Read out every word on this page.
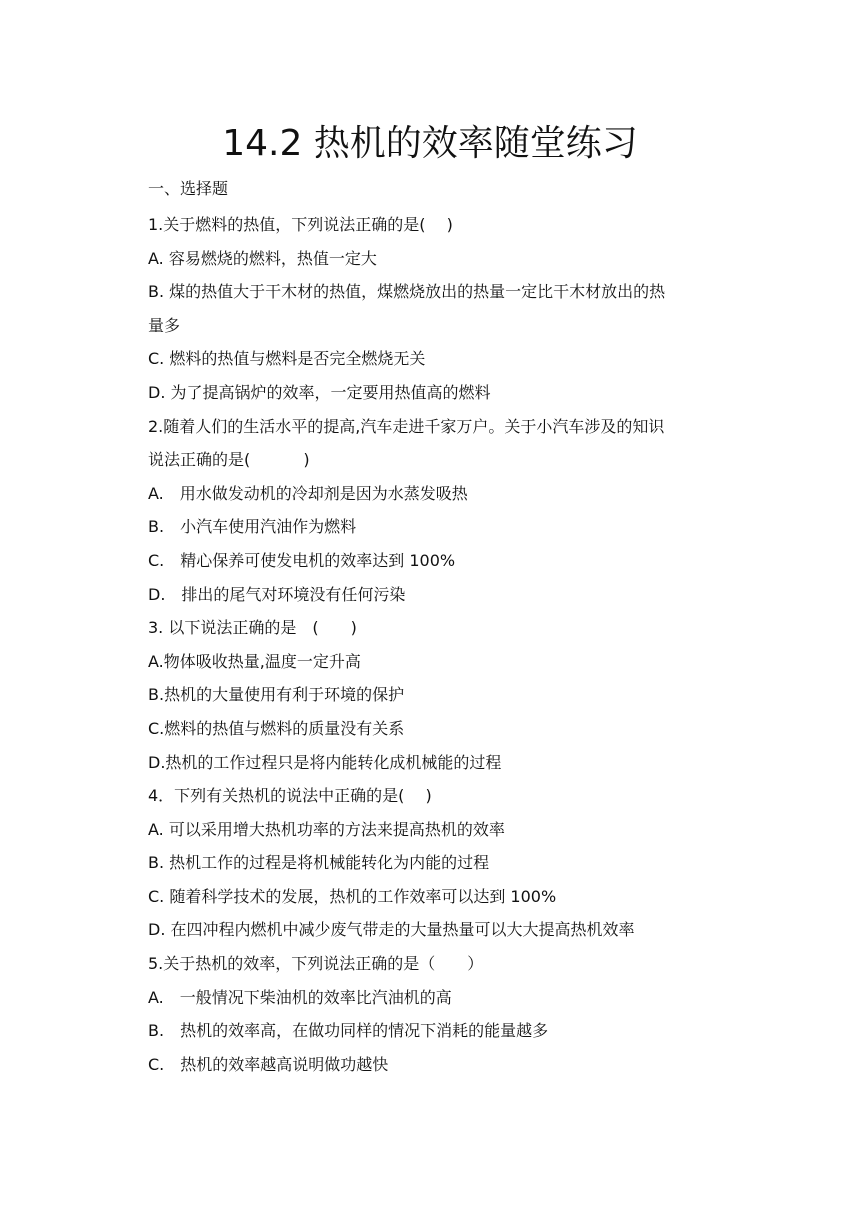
14.2 热机的效率随堂练习
一、选择题
1.关于燃料的热值，下列说法正确的是(　 )
A. 容易燃烧的燃料，热值一定大
B. 煤的热值大于干木材的热值，煤燃烧放出的热量一定比干木材放出的热
量多
C. 燃料的热值与燃料是否完全燃烧无关
D. 为了提高锅炉的效率，一定要用热值高的燃料
2.随着人们的生活水平的提高,汽车走进千家万户。关于小汽车涉及的知识
说法正确的是(　　　 )
A.　用水做发动机的冷却剂是因为水蒸发吸热
B.　小汽车使用汽油作为燃料
C.　精心保养可使发电机的效率达到 100%
D.　排出的尾气对环境没有任何污染
3. 以下说法正确的是　(　　)
A.物体吸收热量,温度一定升高
B.热机的大量使用有利于环境的保护
C.燃料的热值与燃料的质量没有关系
D.热机的工作过程只是将内能转化成机械能的过程
4．下列有关热机的说法中正确的是(　 )
A. 可以采用增大热机功率的方法来提高热机的效率
B. 热机工作的过程是将机械能转化为内能的过程
C. 随着科学技术的发展，热机的工作效率可以达到 100%
D. 在四冲程内燃机中减少废气带走的大量热量可以大大提高热机效率
5.关于热机的效率，下列说法正确的是（　　）
A.　一般情况下柴油机的效率比汽油机的高
B.　热机的效率高，在做功同样的情况下消耗的能量越多
C.　热机的效率越高说明做功越快
